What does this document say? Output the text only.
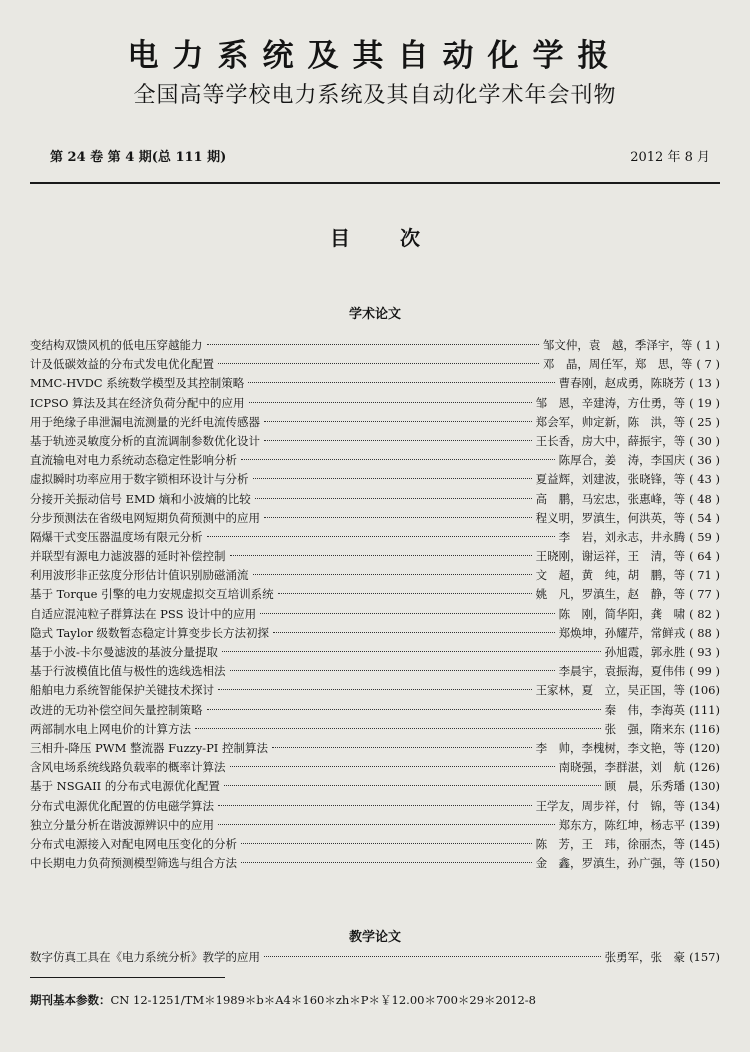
电力系统及其自动化学报
全国高等学校电力系统及其自动化学术年会刊物
第 24 卷 第 4 期(总 111 期)	2012 年 8 月
目次
学术论文
变结构双馈风机的低电压穿越能力	邹文仲，袁　越，季泽宇，等 ( 1 )
计及低碳效益的分布式发电优化配置	邓　晶，周任军，郑　思，等 ( 7 )
MMC-HVDC 系统数学模型及其控制策略	曹春刚，赵成勇，陈晓芳 ( 13 )
ICPSO 算法及其在经济负荷分配中的应用	邹　恩，辛建涛，方仕勇，等 ( 19 )
用于绝缘子串泄漏电流测量的光纤电流传感器	郑会军，帅定新，陈　洪，等 ( 25 )
基于轨迹灵敏度分析的直流调制参数优化设计	王长香，房大中，薛振宇，等 ( 30 )
直流输电对电力系统动态稳定性影响分析	陈厚合，姜　涛，李国庆 ( 36 )
虚拟瞬时功率应用于数字锁相环设计与分析	夏益辉，刘建波，张晓锋，等 ( 43 )
分接开关振动信号 EMD 熵和小波熵的比较	高　鹏，马宏忠，张惠峰，等 ( 48 )
分步预测法在省级电网短期负荷预测中的应用	程义明，罗滇生，何洪英，等 ( 54 )
隔爆干式变压器温度场有限元分析	李　岩，刘永志，井永腾 ( 59 )
并联型有源电力滤波器的延时补偿控制	王晓刚，谢运祥，王　清，等 ( 64 )
利用波形非正弦度分形估计值识别励磁涌流	文　超，黄　纯，胡　鹏，等 ( 71 )
基于 Torque 引擎的电力安规虚拟交互培训系统	姚　凡，罗滇生，赵　静，等 ( 77 )
自适应混沌粒子群算法在 PSS 设计中的应用	陈　刚，简华阳，龚　啸 ( 82 )
隐式 Taylor 级数暂态稳定计算变步长方法初探	郑焕坤，孙耀芹，常鲜戎 ( 88 )
基于小波-卡尔曼滤波的基波分量提取	孙旭霞，郭永胜 ( 93 )
基于行波模值比值与极性的选线选相法	李晨宇，袁振海，夏伟伟 ( 99 )
船舶电力系统智能保护关键技术探讨	王家林，夏　立，吴正国，等 (106)
改进的无功补偿空间矢量控制策略	秦　伟，李海英 (111)
两部制水电上网电价的计算方法	张　强，隋来东 (116)
三相升-降压 PWM 整流器 Fuzzy-PI 控制算法	李　帅，李槐树，李文艳，等 (120)
含风电场系统线路负载率的概率计算法	南晓强，李群湛，刘　航 (126)
基于 NSGAII 的分布式电源优化配置	顾　晨，乐秀璠 (130)
分布式电源优化配置的仿电磁学算法	王学友，周步祥，付　锦，等 (134)
独立分量分析在谐波源辨识中的应用	郑东方，陈红坤，杨志平 (139)
分布式电源接入对配电网电压变化的分析	陈　芳，王　玮，徐丽杰，等 (145)
中长期电力负荷预测模型筛选与组合方法	金　鑫，罗滇生，孙广强，等 (150)
教学论文
数字仿真工具在《电力系统分析》教学的应用	张勇军，张　豪 (157)
期刊基本参数：CN 12-1251/TM＊1989＊b＊A4＊160＊zh＊P＊￥12.00＊700＊29＊2012-8
